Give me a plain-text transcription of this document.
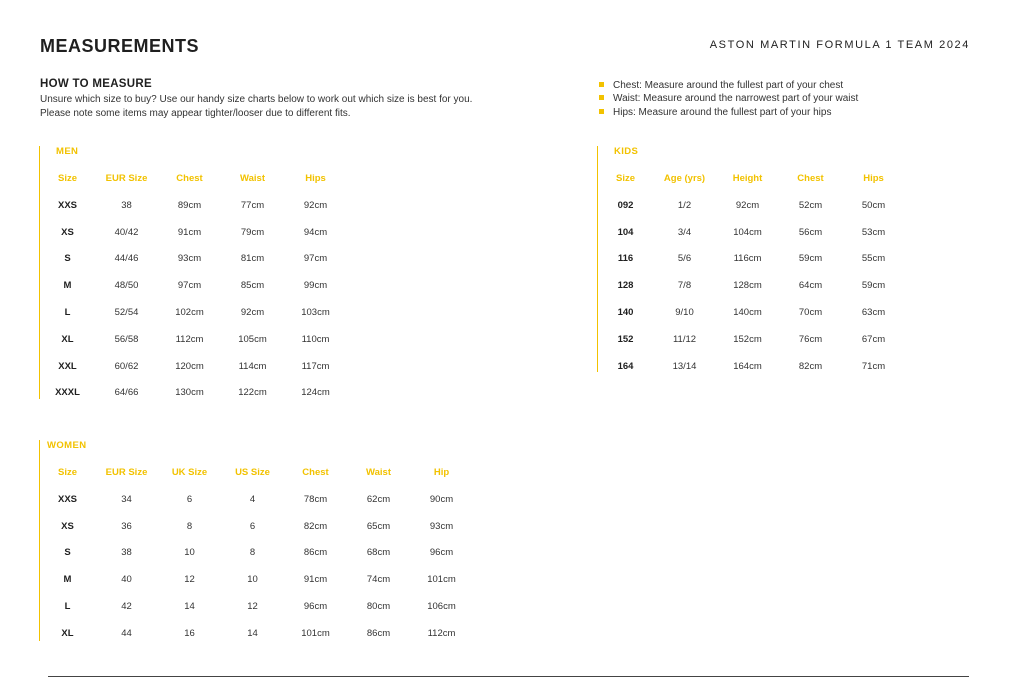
MEASUREMENTS	ASTON MARTIN FORMULA 1 TEAM 2024
HOW TO MEASURE
Unsure which size to buy? Use our handy size charts below to work out which size is best for you.
Please note some items may appear tighter/looser due to different fits.
Chest: Measure around the fullest part of your chest
Waist: Measure around the narrowest part of your waist
Hips: Measure around the fullest part of your hips
MEN
Size	EUR Size	Chest	Waist	Hips
XXS	38	89cm	77cm	92cm
XS	40/42	91cm	79cm	94cm
S	44/46	93cm	81cm	97cm
M	48/50	97cm	85cm	99cm
L	52/54	102cm	92cm	103cm
XL	56/58	112cm	105cm	110cm
XXL	60/62	120cm	114cm	117cm
XXXL	64/66	130cm	122cm	124cm
KIDS
Size	Age (yrs)	Height	Chest	Hips
092	1/2	92cm	52cm	50cm
104	3/4	104cm	56cm	53cm
116	5/6	116cm	59cm	55cm
128	7/8	128cm	64cm	59cm
140	9/10	140cm	70cm	63cm
152	11/12	152cm	76cm	67cm
164	13/14	164cm	82cm	71cm
WOMEN
Size	EUR Size	UK Size	US Size	Chest	Waist	Hip
XXS	34	6	4	78cm	62cm	90cm
XS	36	8	6	82cm	65cm	93cm
S	38	10	8	86cm	68cm	96cm
M	40	12	10	91cm	74cm	101cm
L	42	14	12	96cm	80cm	106cm
XL	44	16	14	101cm	86cm	112cm
